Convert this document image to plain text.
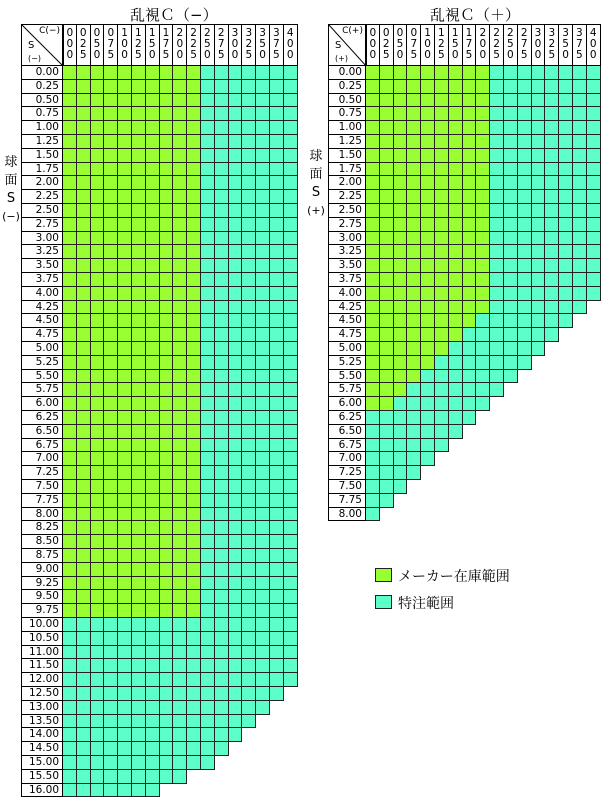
乱視Ｃ（−）
球
面
S
(−)
C(−)
S
(−)
0
0
0
0
2
5
0
5
0
0
7
5
1
0
0
1
2
5
1
5
0
1
7
5
2
0
0
2
2
5
2
5
0
2
7
5
3
0
0
3
2
5
3
5
0
3
7
5
4
0
0
0.00
0.25
0.50
0.75
1.00
1.25
1.50
1.75
2.00
2.25
2.50
2.75
3.00
3.25
3.50
3.75
4.00
4.25
4.50
4.75
5.00
5.25
5.50
5.75
6.00
6.25
6.50
6.75
7.00
7.25
7.50
7.75
8.00
8.25
8.50
8.75
9.00
9.25
9.50
9.75
10.00
10.50
11.00
11.50
12.00
12.50
13.00
13.50
14.00
14.50
15.00
15.50
16.00
乱視Ｃ（＋）
球
面
S
(+)
C(+)
S
(+)
0
0
0
0
2
5
0
5
0
0
7
5
1
0
0
1
2
5
1
5
0
1
7
5
2
0
0
2
2
5
2
5
0
2
7
5
3
0
0
3
2
5
3
5
0
3
7
5
4
0
0
0.00
0.25
0.50
0.75
1.00
1.25
1.50
1.75
2.00
2.25
2.50
2.75
3.00
3.25
3.50
3.75
4.00
4.25
4.50
4.75
5.00
5.25
5.50
5.75
6.00
6.25
6.50
6.75
7.00
7.25
7.50
7.75
8.00
メーカー在庫範囲
特注範囲
